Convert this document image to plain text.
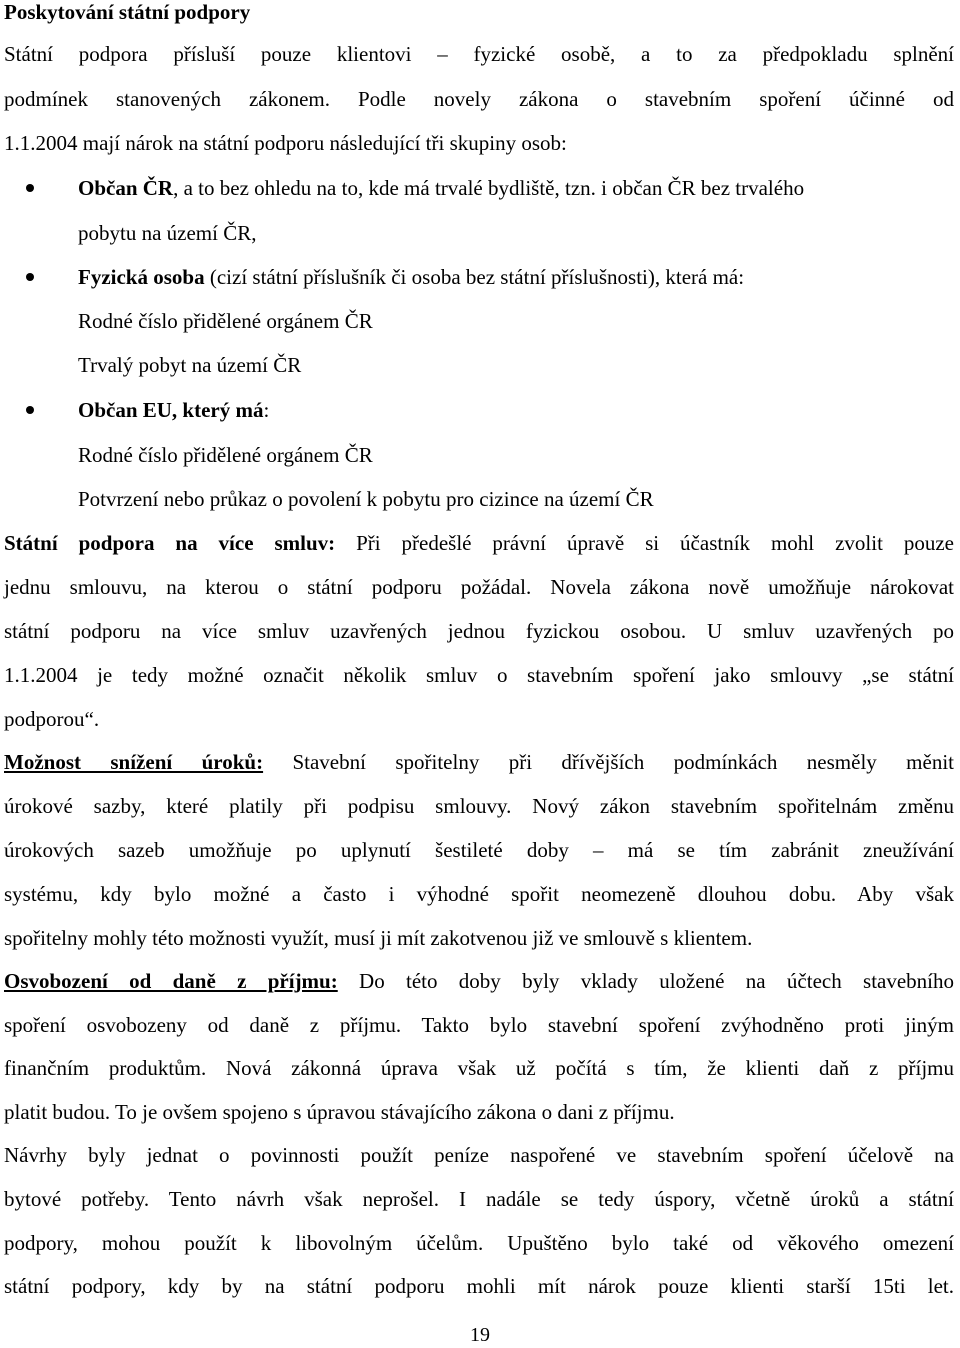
Poskytování státní podpory
Státní podpora přísluší pouze klientovi – fyzické osobě, a to za předpokladu splnění
podmínek stanovených zákonem. Podle novely zákona o stavebním spoření účinné od
1.1.2004 mají nárok na státní podporu následující tři skupiny osob:
Občan ČR, a to bez ohledu na to, kde má trvalé bydliště, tzn. i občan ČR bez trvalého
pobytu na území ČR,
Fyzická osoba (cizí státní příslušník či osoba bez státní příslušnosti), která má:
Rodné číslo přidělené orgánem ČR
Trvalý pobyt na území ČR
Občan EU, který má:
Rodné číslo přidělené orgánem ČR
Potvrzení nebo průkaz o povolení k pobytu pro cizince na území ČR
Státní podpora na více smluv: Při předešlé právní úpravě si účastník mohl zvolit pouze
jednu smlouvu, na kterou o státní podporu požádal. Novela zákona nově umožňuje nárokovat
státní podporu na více smluv uzavřených jednou fyzickou osobou. U smluv uzavřených po
1.1.2004 je tedy možné označit několik smluv o stavebním spoření jako smlouvy „se státní
podporou“.
Možnost snížení úroků: Stavební spořitelny při dřívějších podmínkách nesměly měnit
úrokové sazby, které platily při podpisu smlouvy. Nový zákon stavebním spořitelnám změnu
úrokových sazeb umožňuje po uplynutí šestileté doby – má se tím zabránit zneužívání
systému, kdy bylo možné a často i výhodné spořit neomezeně dlouhou dobu. Aby však
spořitelny mohly této možnosti využít, musí ji mít zakotvenou již ve smlouvě s klientem.
Osvobození od daně z příjmu: Do této doby byly vklady uložené na účtech stavebního
spoření osvobozeny od daně z příjmu. Takto bylo stavební spoření zvýhodněno proti jiným
finančním produktům. Nová zákonná úprava však už počítá s tím, že klienti daň z příjmu
platit budou. To je ovšem spojeno s úpravou stávajícího zákona o dani z příjmu.
Návrhy byly jednat o povinnosti použít peníze naspořené ve stavebním spoření účelově na
bytové potřeby. Tento návrh však neprošel. I nadále se tedy úspory, včetně úroků a státní
podpory, mohou použít k libovolným účelům. Upuštěno bylo také od věkového omezení
státní podpory, kdy by na státní podporu mohli mít nárok pouze klienti starší 15ti let.
19
